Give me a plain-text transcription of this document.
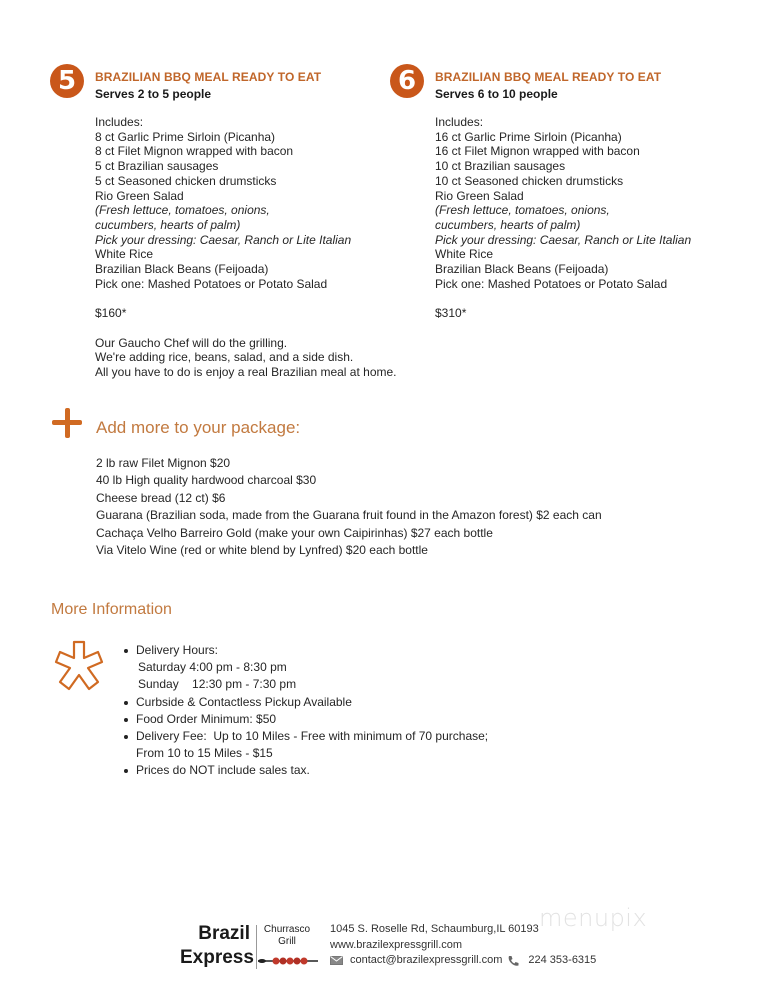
5	BRAZILIAN BBQ MEAL READY TO EAT
Serves 2 to 5 people
Includes:
8 ct Garlic Prime Sirloin (Picanha)
8 ct Filet Mignon wrapped with bacon
5 ct Brazilian sausages
5 ct Seasoned chicken drumsticks
Rio Green Salad
(Fresh lettuce, tomatoes, onions,
cucumbers, hearts of palm)
Pick your dressing: Caesar, Ranch or Lite Italian
White Rice
Brazilian Black Beans (Feijoada)
Pick one: Mashed Potatoes or Potato Salad
$160*
Our Gaucho Chef will do the grilling.
We're adding rice, beans, salad, and a side dish.
All you have to do is enjoy a real Brazilian meal at home.
6	BRAZILIAN BBQ MEAL READY TO EAT
Serves 6 to 10 people
Includes:
16 ct Garlic Prime Sirloin (Picanha)
16 ct Filet Mignon wrapped with bacon
10 ct Brazilian sausages
10 ct Seasoned chicken drumsticks
Rio Green Salad
(Fresh lettuce, tomatoes, onions,
cucumbers, hearts of palm)
Pick your dressing: Caesar, Ranch or Lite Italian
White Rice
Brazilian Black Beans (Feijoada)
Pick one: Mashed Potatoes or Potato Salad
$310*
Add more to your package:
2 lb raw Filet Mignon $20
40 lb High quality hardwood charcoal $30
Cheese bread (12 ct) $6
Guarana (Brazilian soda, made from the Guarana fruit found in the Amazon forest) $2 each can
Cachaça Velho Barreiro Gold (make your own Caipirinhas) $27 each bottle
Via Vitelo Wine (red or white blend by Lynfred) $20 each bottle
More Information
Delivery Hours:
Saturday 4:00 pm - 8:30 pm
Sunday    12:30 pm - 7:30 pm
Curbside & Contactless Pickup Available
Food Order Minimum: $50
Delivery Fee:  Up to 10 Miles - Free with minimum of 70 purchase;
From 10 to 15 Miles - $15
Prices do NOT include sales tax.
menupix
Brazil
Express
Churrasco
Grill
1045 S. Roselle Rd, Schaumburg,IL 60193
www.brazilexpressgrill.com
contact@brazilexpressgrill.com 224 353-6315
